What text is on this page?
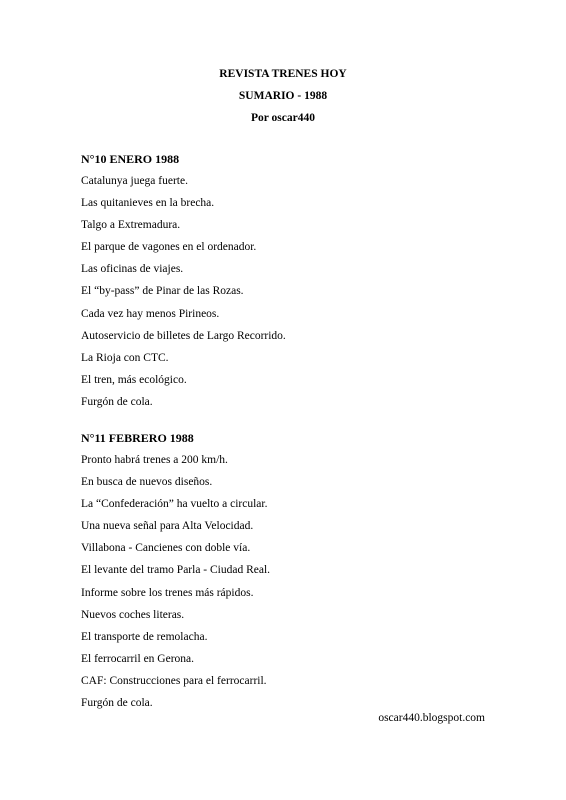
REVISTA TRENES HOY
SUMARIO - 1988
Por oscar440
N°10 ENERO 1988
Catalunya juega fuerte.
Las quitanieves en la brecha.
Talgo a Extremadura.
El parque de vagones en el ordenador.
Las oficinas de viajes.
El “by-pass” de Pinar de las Rozas.
Cada vez hay menos Pirineos.
Autoservicio de billetes de Largo Recorrido.
La Rioja con CTC.
El tren, más ecológico.
Furgón de cola.
N°11 FEBRERO 1988
Pronto habrá trenes a 200 km/h.
En busca de nuevos diseños.
La “Confederación” ha vuelto a circular.
Una nueva señal para Alta Velocidad.
Villabona - Cancienes con doble vía.
El levante del tramo Parla - Ciudad Real.
Informe sobre los trenes más rápidos.
Nuevos coches literas.
El transporte de remolacha.
El ferrocarril en Gerona.
CAF: Construcciones para el ferrocarril.
Furgón de cola.
oscar440.blogspot.com
